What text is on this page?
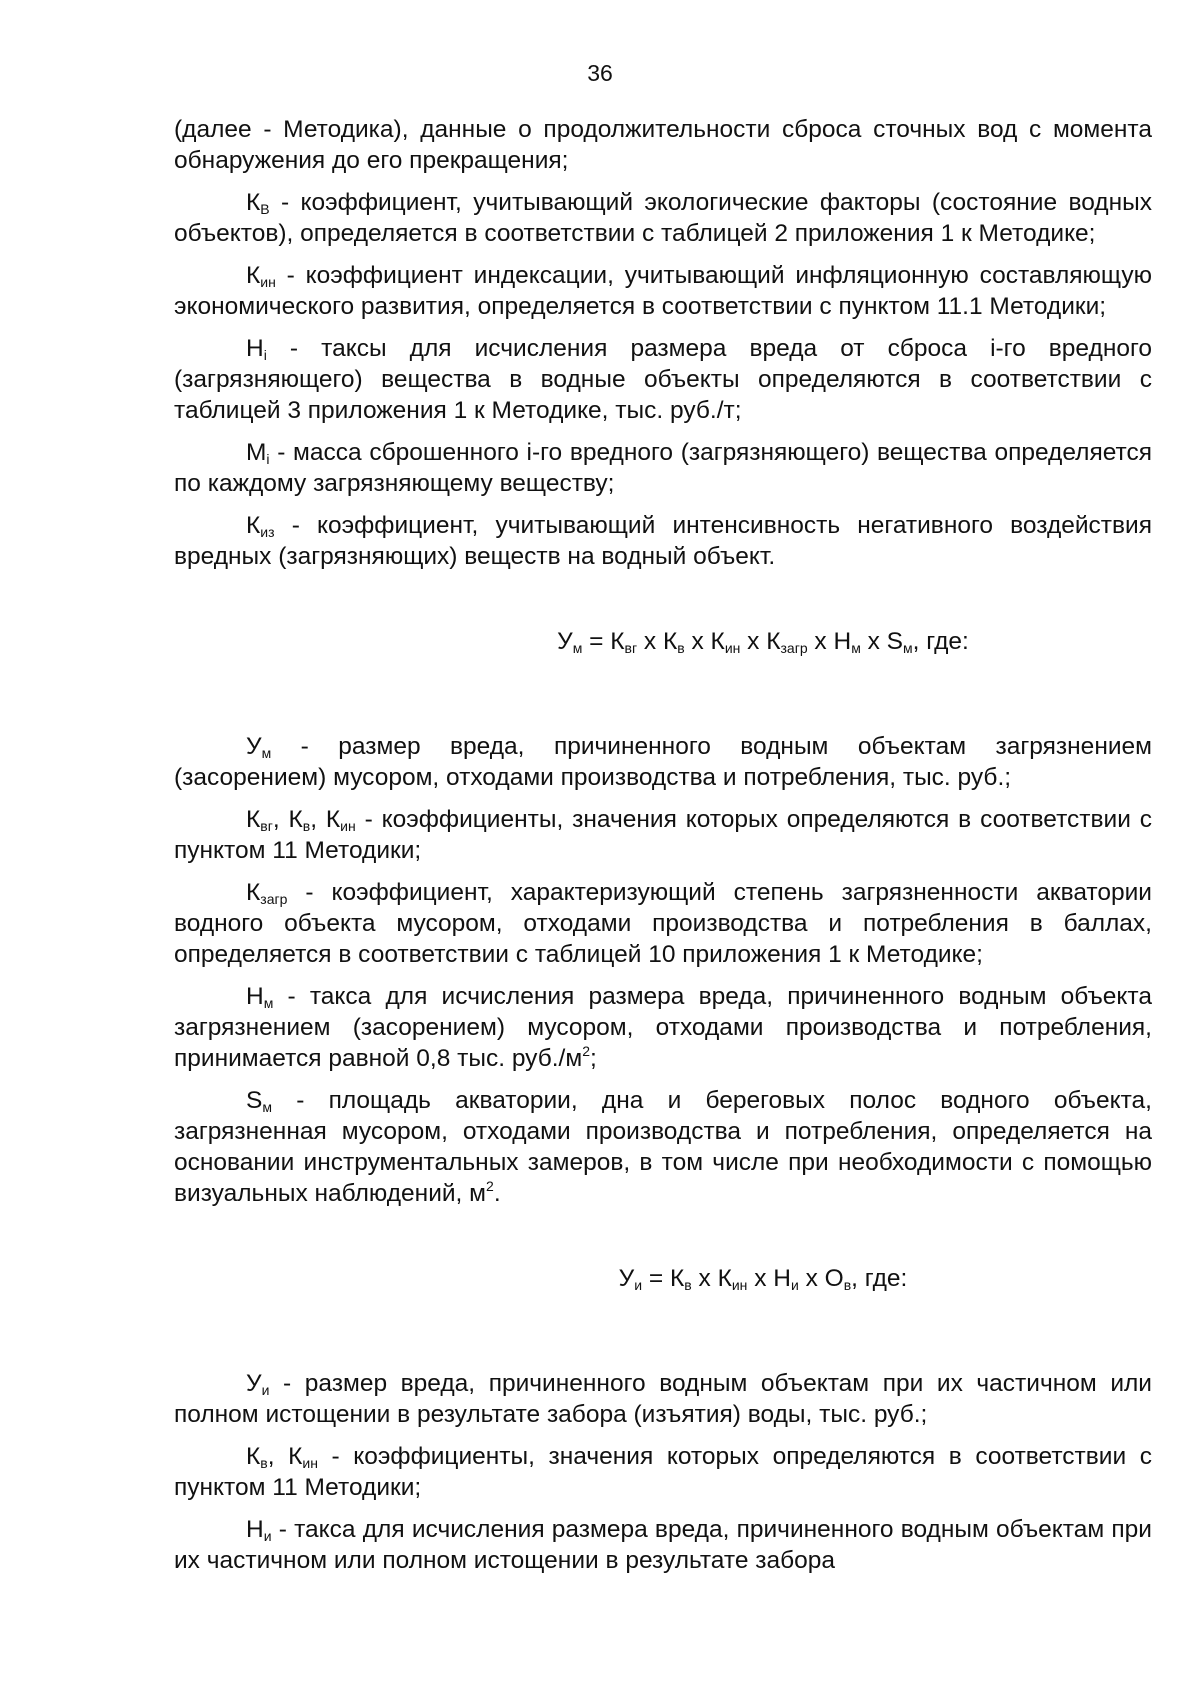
36

(далее - Методика), данные о продолжительности сброса сточных вод с момента обнаружения до его прекращения;

$К_В$ - коэффициент, учитывающий экологические факторы (состояние водных объектов), определяется в соответствии с таблицей 2 приложения 1 к Методике;

$К_{ин}$ - коэффициент индексации, учитывающий инфляционную составляющую экономического развития, определяется в соответствии с пунктом 11.1 Методики;

$Н_i$ - таксы для исчисления размера вреда от сброса i-го вредного (загрязняющего) вещества в водные объекты определяются в соответствии с таблицей 3 приложения 1 к Методике, тыс. руб./т;

$M_i$ - масса сброшенного i-го вредного (загрязняющего) вещества определяется по каждому загрязняющему веществу;

$К_{из}$ - коэффициент, учитывающий интенсивность негативного воздействия вредных (загрязняющих) веществ на водный объект.

$У_м = К_{вг}$ x $К_в$ x $К_{ин}$ x $К_{загр}$ x $Н_м$ x $S_м$, где:

$У_м$ - размер вреда, причиненного водным объектам загрязнением (засорением) мусором, отходами производства и потребления, тыс. руб.;

$К_{вг}$, $К_в$, $К_{ин}$ - коэффициенты, значения которых определяются в соответствии с пунктом 11 Методики;

$К_{загр}$ - коэффициент, характеризующий степень загрязненности акватории водного объекта мусором, отходами производства и потребления в баллах, определяется в соответствии с таблицей 10 приложения 1 к Методике;

$Н_м$ - такса для исчисления размера вреда, причиненного водным объекта загрязнением (засорением) мусором, отходами производства и потребления, принимается равной 0,8 тыс. $руб./м^2$;

$S_м$ - площадь акватории, дна и береговых полос водного объекта, загрязненная мусором, отходами производства и потребления, определяется на основании инструментальных замеров, в том числе при необходимости с помощью визуальных наблюдений, $м^2$.

$У_и = К_в$ x $К_{ин}$ x $Н_и$ x $О_в$, где:

$У_и$ - размер вреда, причиненного водным объектам при их частичном или полном истощении в результате забора (изъятия) воды, тыс. руб.;

$К_в$, $К_{ин}$ - коэффициенты, значения которых определяются в соответствии с пунктом 11 Методики;

$Н_и$ - такса для исчисления размера вреда, причиненного водным объектам при их частичном или полном истощении в результате забора
